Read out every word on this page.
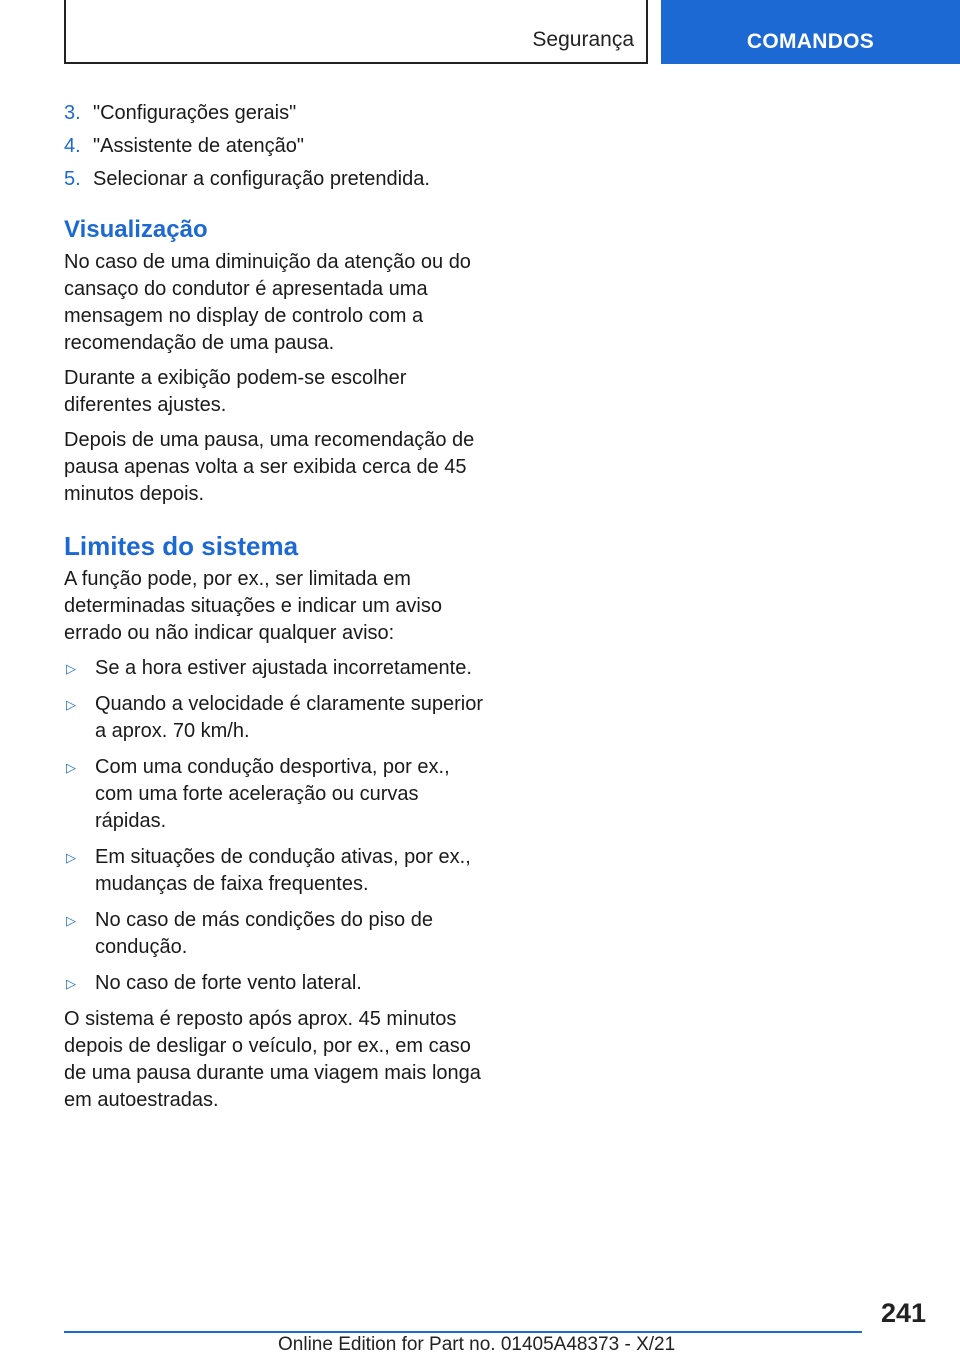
Segurança	COMANDOS
3. "Configurações gerais"
4. "Assistente de atenção"
5. Selecionar a configuração pretendida.
Visualização

No caso de uma diminuição da atenção ou do cansaço do condutor é apresentada uma mensagem no display de controlo com a recomendação de uma pausa.

Durante a exibição podem-se escolher diferentes ajustes.

Depois de uma pausa, uma recomendação de pausa apenas volta a ser exibida cerca de 45 minutos depois.

Limites do sistema

A função pode, por ex., ser limitada em determinadas situações e indicar um aviso errado ou não indicar qualquer aviso:

▷ Se a hora estiver ajustada incorretamente.
▷ Quando a velocidade é claramente superior a aprox. 70 km/h.
▷ Com uma condução desportiva, por ex., com uma forte aceleração ou curvas rápidas.
▷ Em situações de condução ativas, por ex., mudanças de faixa frequentes.
▷ No caso de más condições do piso de condução.
▷ No caso de forte vento lateral.

O sistema é reposto após aprox. 45 minutos depois de desligar o veículo, por ex., em caso de uma pausa durante uma viagem mais longa em autoestradas.

241
Online Edition for Part no. 01405A48373 - X/21
